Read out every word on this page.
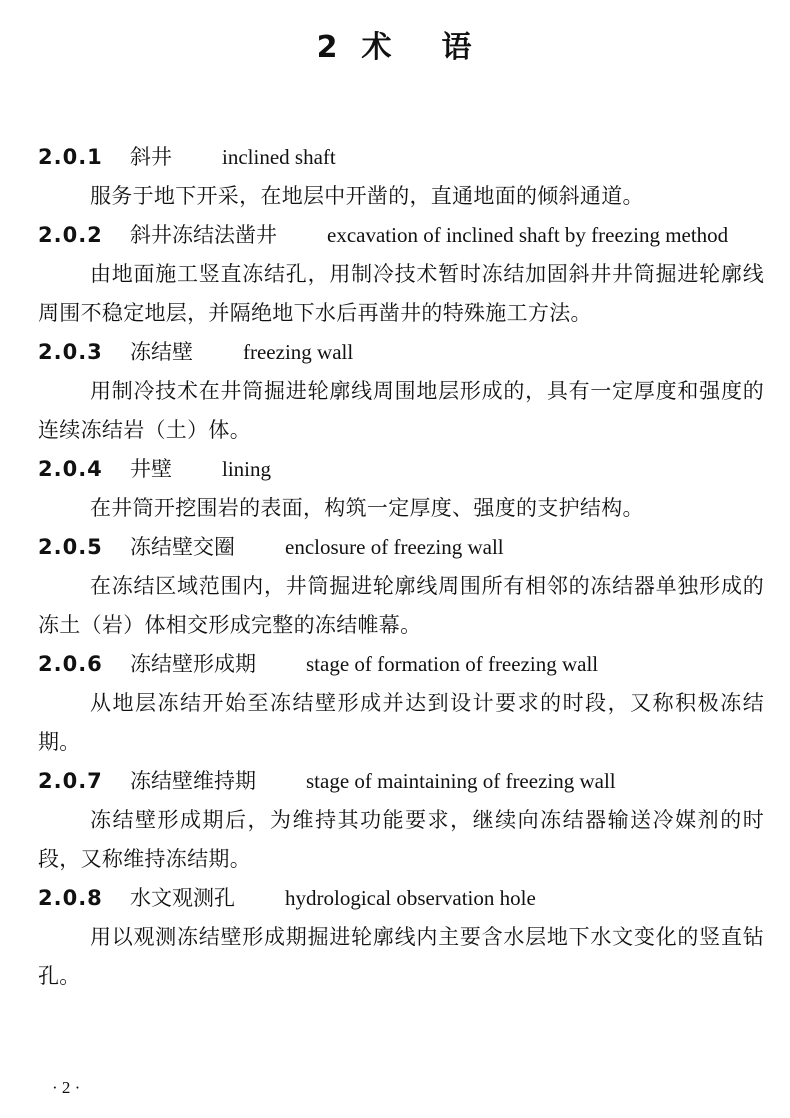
2 术 语

2.0.1 斜井 inclined shaft

服务于地下开采，在地层中开凿的，直通地面的倾斜通道。

2.0.2 斜井冻结法凿井 excavation of inclined shaft by freezing method

由地面施工竖直冻结孔，用制冷技术暂时冻结加固斜井井筒掘进轮廓线周围不稳定地层，并隔绝地下水后再凿井的特殊施工方法。

2.0.3 冻结壁 freezing wall

用制冷技术在井筒掘进轮廓线周围地层形成的，具有一定厚度和强度的连续冻结岩（土）体。

2.0.4 井壁 lining

在井筒开挖围岩的表面，构筑一定厚度、强度的支护结构。

2.0.5 冻结壁交圈 enclosure of freezing wall

在冻结区域范围内，井筒掘进轮廓线周围所有相邻的冻结器单独形成的冻土（岩）体相交形成完整的冻结帷幕。

2.0.6 冻结壁形成期 stage of formation of freezing wall

从地层冻结开始至冻结壁形成并达到设计要求的时段，又称积极冻结期。

2.0.7 冻结壁维持期 stage of maintaining of freezing wall

冻结壁形成期后，为维持其功能要求，继续向冻结器输送冷媒剂的时段，又称维持冻结期。

2.0.8 水文观测孔 hydrological observation hole

用以观测冻结壁形成期掘进轮廓线内主要含水层地下水文变化的竖直钻孔。

· 2 ·
